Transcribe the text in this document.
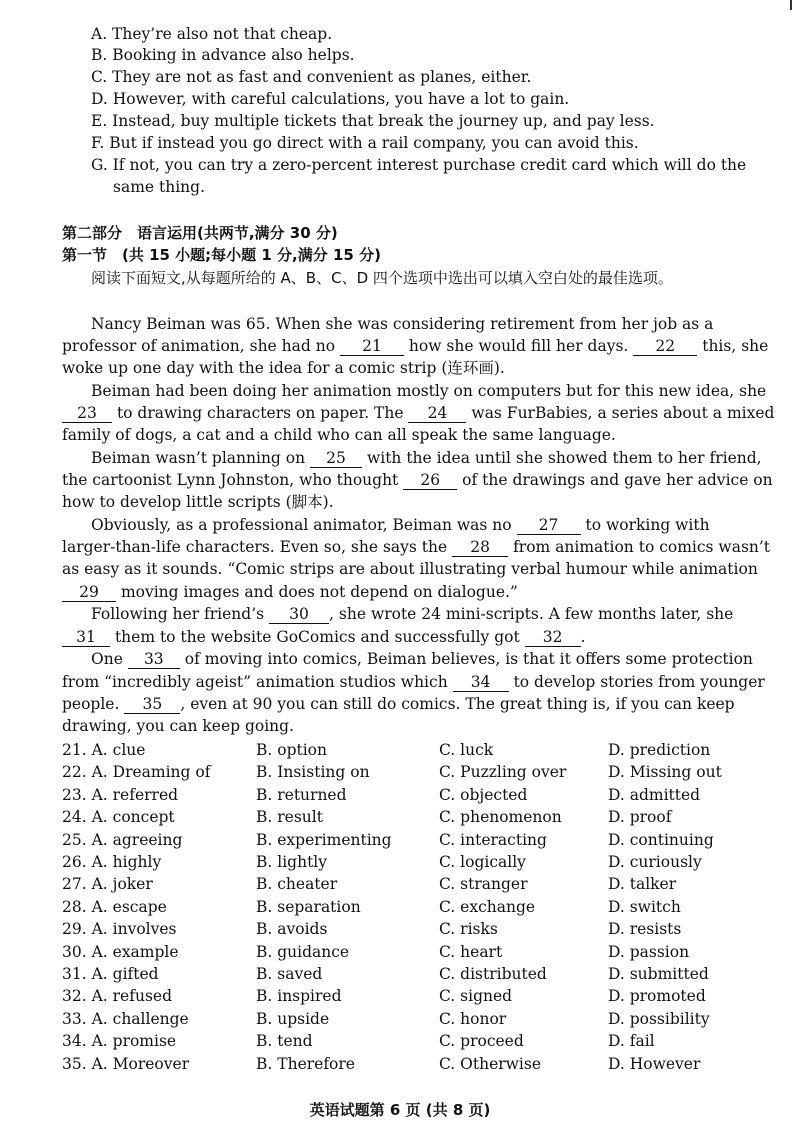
A. They’re also not that cheap.
B. Booking in advance also helps.
C. They are not as fast and convenient as planes, either.
D. However, with careful calculations, you have a lot to gain.
E. Instead, buy multiple tickets that break the journey up, and pay less.
F. But if instead you go direct with a rail company, you can avoid this.
G. If not, you can try a zero-percent interest purchase credit card which will do the
same thing.
第二部分　语言运用(共两节,满分 30 分)
第一节　(共 15 小题;每小题 1 分,满分 15 分)
阅读下面短文,从每题所给的 A、B、C、D 四个选项中选出可以填入空白处的最佳选项。
Nancy Beiman was 65. When she was considering retirement from her job as a
professor of animation, she had no 21 how she would fill her days. 22 this, she
woke up one day with the idea for a comic strip (连环画).
Beiman had been doing her animation mostly on computers but for this new idea, she
23 to drawing characters on paper. The 24 was FurBabies, a series about a mixed
family of dogs, a cat and a child who can all speak the same language.
Beiman wasn’t planning on 25 with the idea until she showed them to her friend,
the cartoonist Lynn Johnston, who thought 26 of the drawings and gave her advice on
how to develop little scripts (脚本).
Obviously, as a professional animator, Beiman was no 27 to working with
larger-than-life characters. Even so, she says the 28 from animation to comics wasn’t
as easy as it sounds. “Comic strips are about illustrating verbal humour while animation
29 moving images and does not depend on dialogue.”
Following her friend’s 30 , she wrote 24 mini-scripts. A few months later, she
31 them to the website GoComics and successfully got 32 .
One 33 of moving into comics, Beiman believes, is that it offers some protection
from “incredibly ageist” animation studios which 34 to develop stories from younger
people. 35 , even at 90 you can still do comics. The great thing is, if you can keep
drawing, you can keep going.
21. A. clue	B. option	C. luck	D. prediction
22. A. Dreaming of	B. Insisting on	C. Puzzling over	D. Missing out
23. A. referred	B. returned	C. objected	D. admitted
24. A. concept	B. result	C. phenomenon	D. proof
25. A. agreeing	B. experimenting	C. interacting	D. continuing
26. A. highly	B. lightly	C. logically	D. curiously
27. A. joker	B. cheater	C. stranger	D. talker
28. A. escape	B. separation	C. exchange	D. switch
29. A. involves	B. avoids	C. risks	D. resists
30. A. example	B. guidance	C. heart	D. passion
31. A. gifted	B. saved	C. distributed	D. submitted
32. A. refused	B. inspired	C. signed	D. promoted
33. A. challenge	B. upside	C. honor	D. possibility
34. A. promise	B. tend	C. proceed	D. fail
35. A. Moreover	B. Therefore	C. Otherwise	D. However
英语试题第 6 页 (共 8 页)
